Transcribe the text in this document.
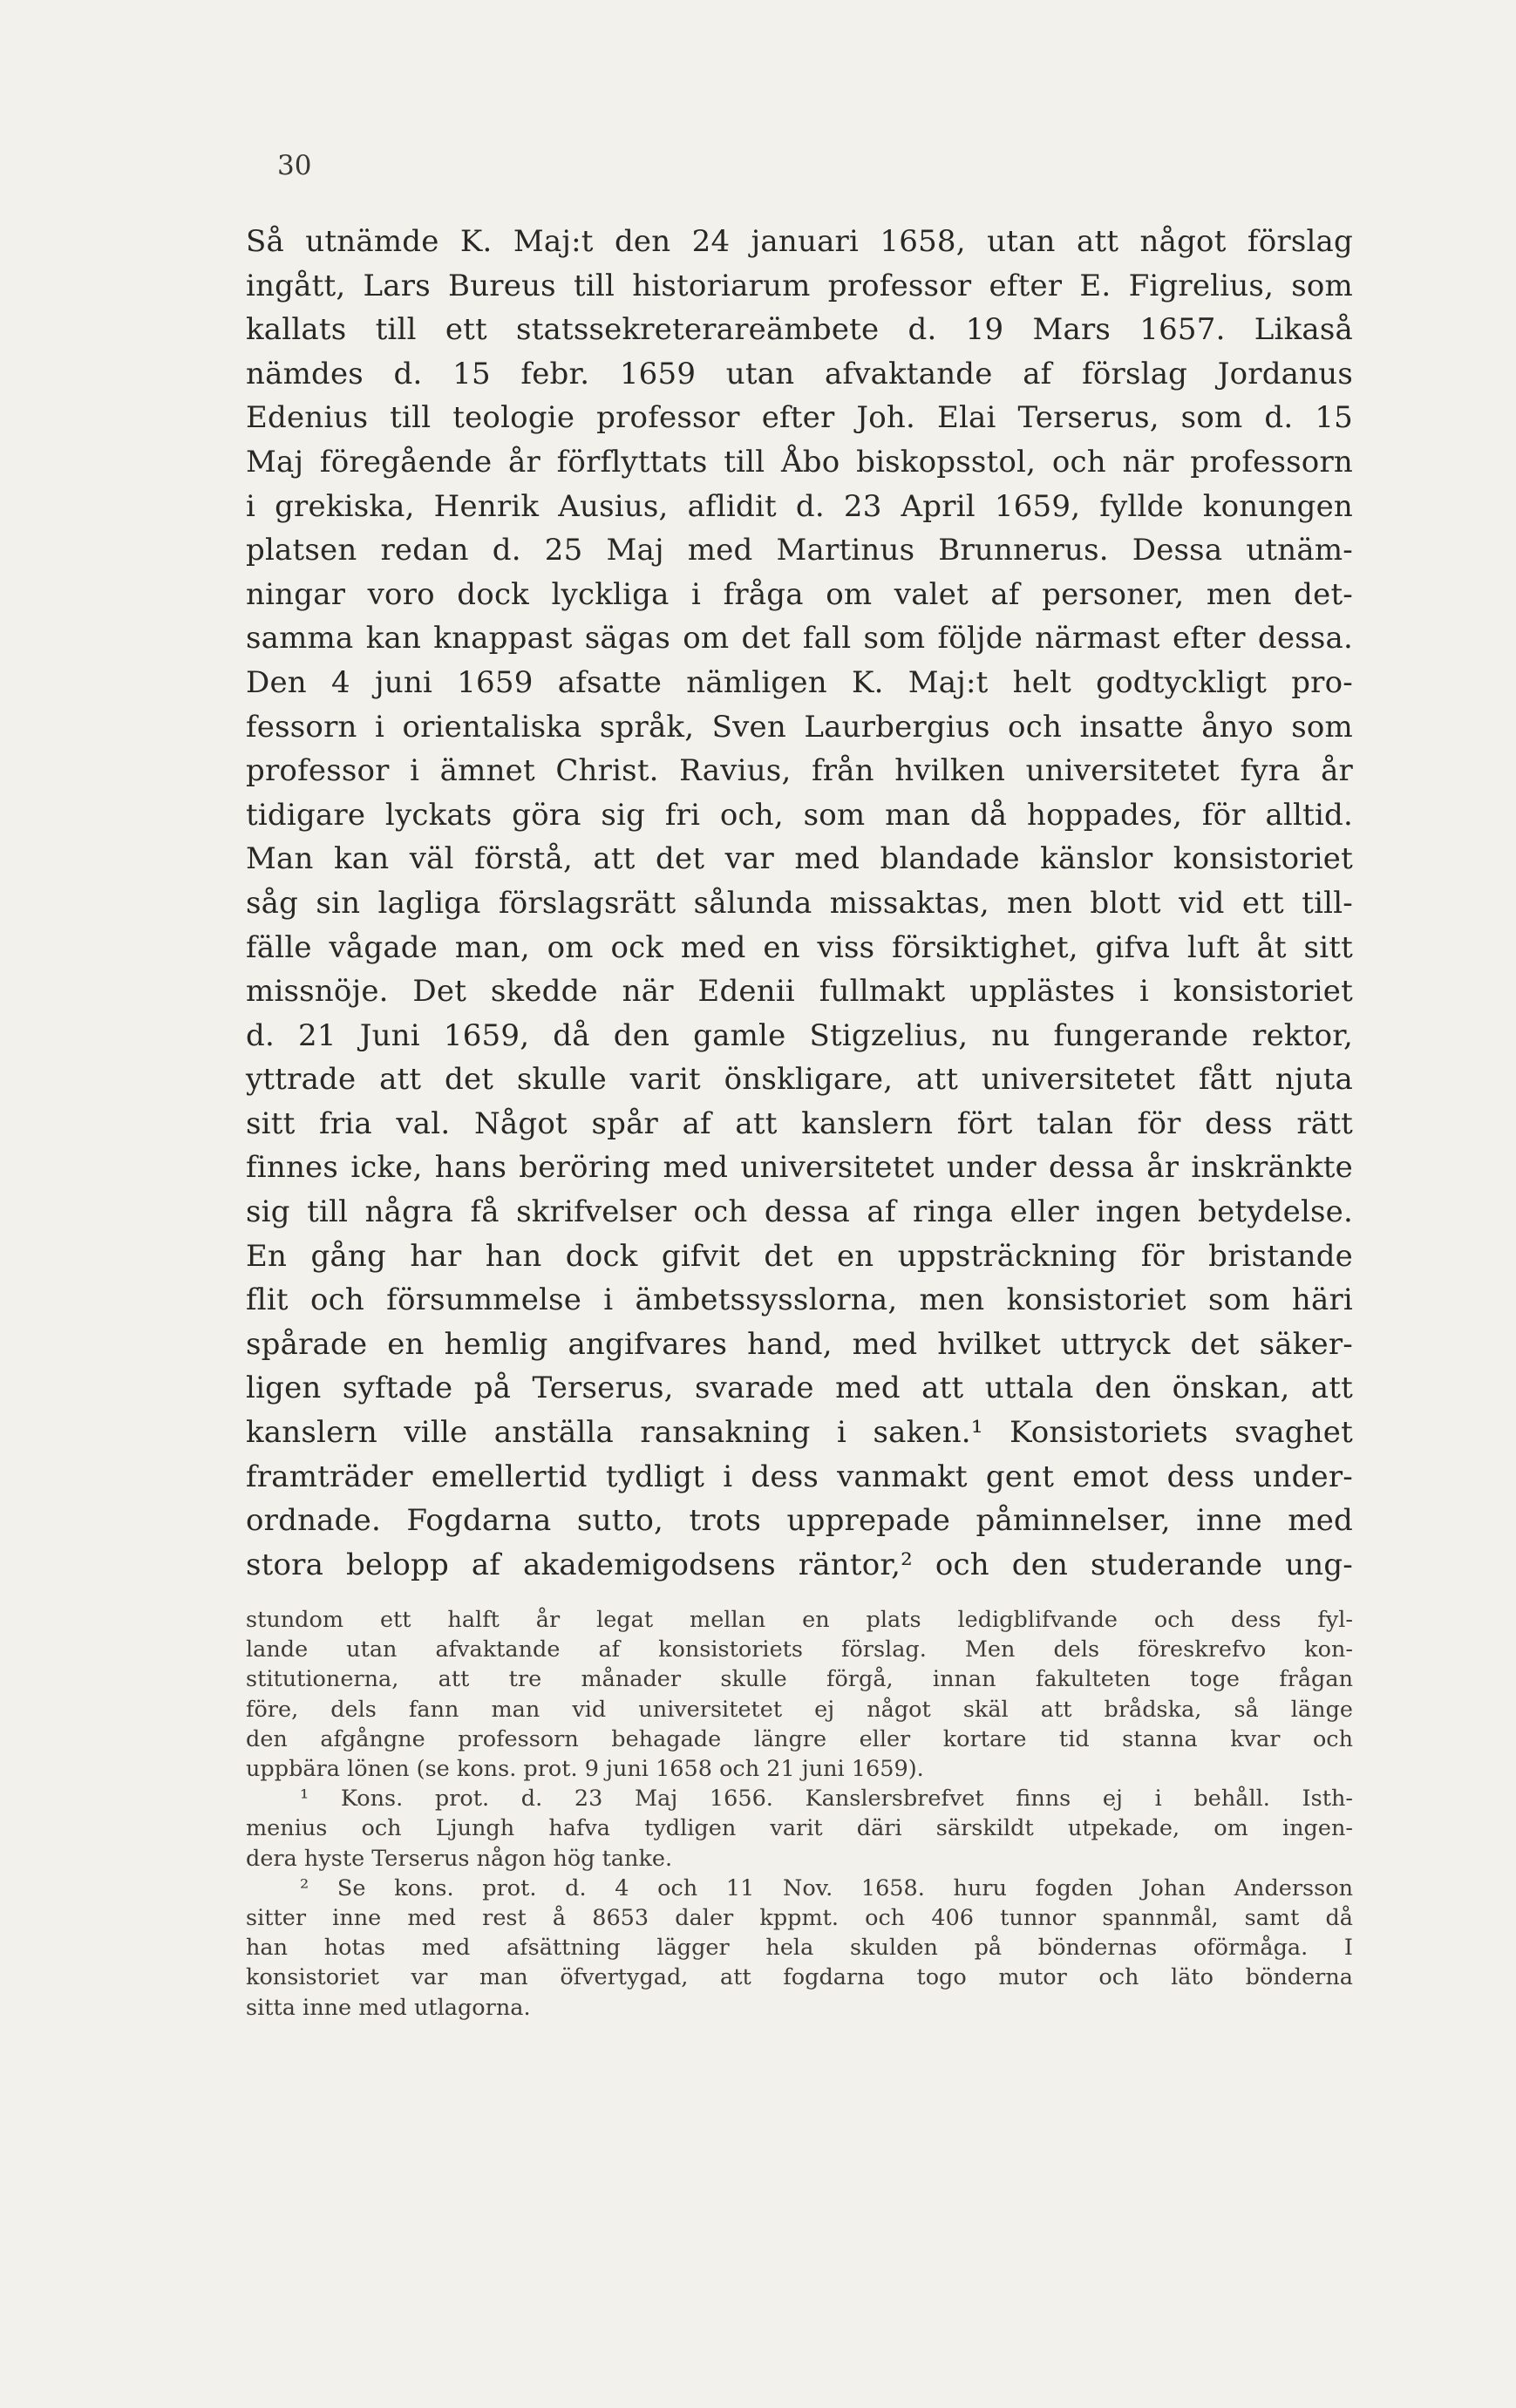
30
Så utnämde K. Maj:t den 24 januari 1658, utan att något förslag
ingått, Lars Bureus till historiarum professor efter E. Figrelius, som
kallats till ett statssekreterareämbete d. 19 Mars 1657. Likaså
nämdes d. 15 febr. 1659 utan afvaktande af förslag Jordanus
Edenius till teologie professor efter Joh. Elai Terserus, som d. 15
Maj föregående år förflyttats till Åbo biskopsstol, och när professorn
i grekiska, Henrik Ausius, aflidit d. 23 April 1659, fyllde konungen
platsen redan d. 25 Maj med Martinus Brunnerus. Dessa utnäm-
ningar voro dock lyckliga i fråga om valet af personer, men det-
samma kan knappast sägas om det fall som följde närmast efter dessa.
Den 4 juni 1659 afsatte nämligen K. Maj:t helt godtyckligt pro-
fessorn i orientaliska språk, Sven Laurbergius och insatte ånyo som
professor i ämnet Christ. Ravius, från hvilken universitetet fyra år
tidigare lyckats göra sig fri och, som man då hoppades, för alltid.
Man kan väl förstå, att det var med blandade känslor konsistoriet
såg sin lagliga förslagsrätt sålunda missaktas, men blott vid ett till-
fälle vågade man, om ock med en viss försiktighet, gifva luft åt sitt
missnöje. Det skedde när Edenii fullmakt upplästes i konsistoriet
d. 21 Juni 1659, då den gamle Stigzelius, nu fungerande rektor,
yttrade att det skulle varit önskligare, att universitetet fått njuta
sitt fria val. Något spår af att kanslern fört talan för dess rätt
finnes icke, hans beröring med universitetet under dessa år inskränkte
sig till några få skrifvelser och dessa af ringa eller ingen betydelse.
En gång har han dock gifvit det en uppsträckning för bristande
flit och försummelse i ämbetssysslorna, men konsistoriet som häri
spårade en hemlig angifvares hand, med hvilket uttryck det säker-
ligen syftade på Terserus, svarade med att uttala den önskan, att
kanslern ville anställa ransakning i saken.¹ Konsistoriets svaghet
framträder emellertid tydligt i dess vanmakt gent emot dess under-
ordnade. Fogdarna sutto, trots upprepade påminnelser, inne med
stora belopp af akademigodsens räntor,² och den studerande ung-
stundom ett halft år legat mellan en plats ledigblifvande och dess fyl-
lande utan afvaktande af konsistoriets förslag. Men dels föreskrefvo kon-
stitutionerna, att tre månader skulle förgå, innan fakulteten toge frågan
före, dels fann man vid universitetet ej något skäl att brådska, så länge
den afgångne professorn behagade längre eller kortare tid stanna kvar och
uppbära lönen (se kons. prot. 9 juni 1658 och 21 juni 1659).
¹ Kons. prot. d. 23 Maj 1656. Kanslersbrefvet finns ej i behåll. Isth-
menius och Ljungh hafva tydligen varit däri särskildt utpekade, om ingen-
dera hyste Terserus någon hög tanke.
² Se kons. prot. d. 4 och 11 Nov. 1658. huru fogden Johan Andersson
sitter inne med rest å 8653 daler kppmt. och 406 tunnor spannmål, samt då
han hotas med afsättning lägger hela skulden på böndernas oförmåga. I
konsistoriet var man öfvertygad, att fogdarna togo mutor och läto bönderna
sitta inne med utlagorna.
